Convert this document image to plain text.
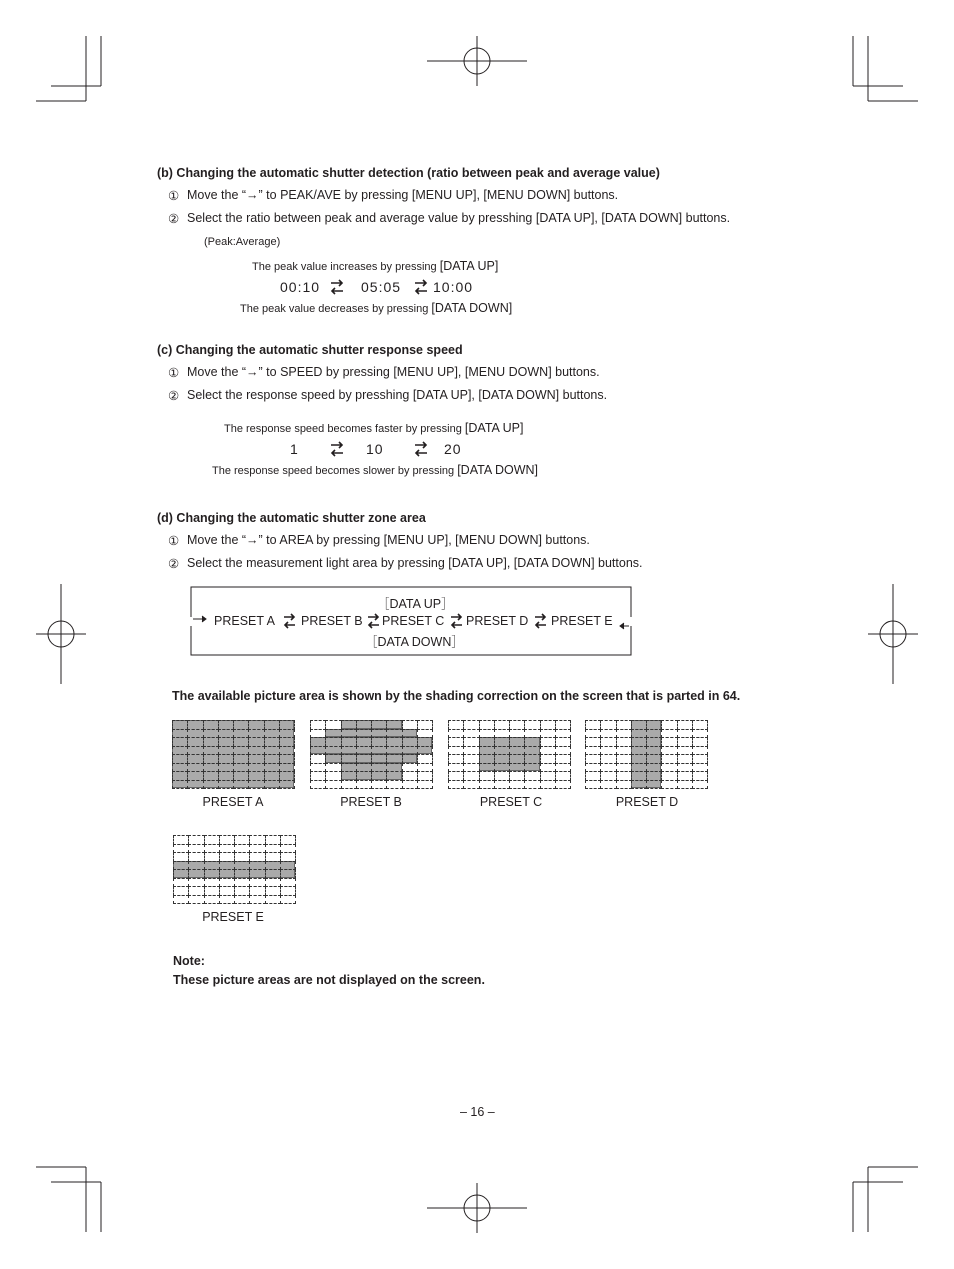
(b) Changing the automatic shutter detection (ratio between peak and average value)
① Move the “→” to PEAK/AVE by pressing [MENU UP], [MENU DOWN] buttons.
② Select the ratio between peak and average value by presshing [DATA UP], [DATA DOWN] buttons.
(Peak:Average)
The peak value increases by pressing [DATA UP]
00:10	05:05 10:00
The peak value decreases by pressing [DATA DOWN]
(c) Changing the automatic shutter response speed
① Move the “→” to SPEED by pressing [MENU UP], [MENU DOWN] buttons.
② Select the response speed by presshing [DATA UP], [DATA DOWN] buttons.
The response speed becomes faster by pressing [DATA UP]
1	10	20
The response speed becomes slower by pressing [DATA DOWN]
(d) Changing the automatic shutter zone area
① Move the “→” to AREA by pressing [MENU UP], [MENU DOWN] buttons.
② Select the measurement light area by pressing [DATA UP], [DATA DOWN] buttons.
［DATA UP］
PRESET A PRESET B PRESET C PRESET D PRESET E
［DATA DOWN］
The available picture area is shown by the shading correction on the screen that is parted in 64.
PRESET A	PRESET B	PRESET C	PRESET D
PRESET E
Note:
These picture areas are not displayed on the screen.
– 16 –
